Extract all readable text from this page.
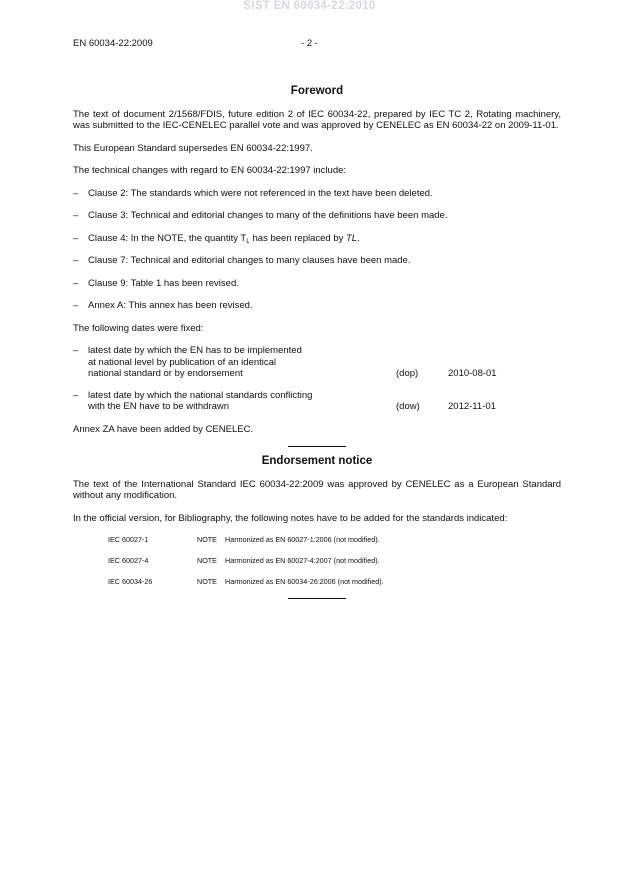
SIST EN 60034-22:2010
EN 60034-22:2009	- 2 -
Foreword

The text of document 2/1568/FDIS, future edition 2 of IEC 60034-22, prepared by IEC TC 2, Rotating machinery, was submitted to the IEC-CENELEC parallel vote and was approved by CENELEC as EN 60034-22 on 2009-11-01.

This European Standard supersedes EN 60034-22:1997.

The technical changes with regard to EN 60034-22:1997 include:

–	Clause 2: The standards which were not referenced in the text have been deleted.
–	Clause 3: Technical and editorial changes to many of the definitions have been made.
–	Clause 4: In the NOTE, the quantity $T_L$ has been replaced by TL.
–	Clause 7: Technical and editorial changes to many clauses have been made.
–	Clause 9: Table 1 has been revised.
–	Annex A: This annex has been revised.

The following dates were fixed:

–	latest date by which the EN has to be implemented
at national level by publication of an identical
national standard or by endorsement	(dop)	2010-08-01
–	latest date by which the national standards conflicting
with the EN have to be withdrawn	(dow)	2012-11-01

Annex ZA have been added by CENELEC.

Endorsement notice

The text of the International Standard IEC 60034-22:2009 was approved by CENELEC as a European Standard without any modification.

In the official version, for Bibliography, the following notes have to be added for the standards indicated:

IEC 60027-1	NOTE	Harmonized as EN 60027-1:2006 (not modified).
IEC 60027-4	NOTE	Harmonized as EN 60027-4:2007 (not modified).
IEC 60034-26	NOTE	Harmonized as EN 60034-26:2006 (not modified).
